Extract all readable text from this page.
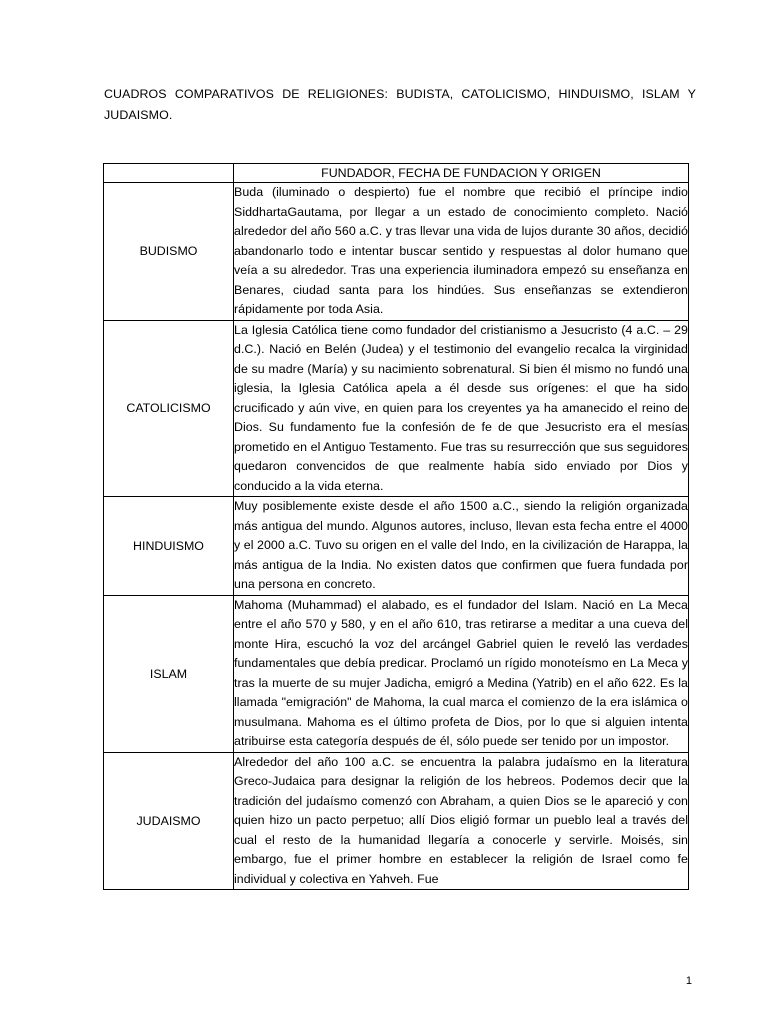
CUADROS COMPARATIVOS DE RELIGIONES: BUDISTA, CATOLICISMO, HINDUISMO, ISLAM Y JUDAISMO.
	FUNDADOR, FECHA DE FUNDACION Y ORIGEN
BUDISMO	Buda (iluminado o despierto) fue el nombre que recibió el príncipe indio SiddhartaGautama, por llegar a un estado de conocimiento completo. Nació alrededor del año 560 a.C. y tras llevar una vida de lujos durante 30 años, decidió abandonarlo todo e intentar buscar sentido y respuestas al dolor humano que veía a su alrededor. Tras una experiencia iluminadora empezó su enseñanza en Benares, ciudad santa para los hindúes. Sus enseñanzas se extendieron rápidamente por toda Asia.
CATOLICISMO	La Iglesia Católica tiene como fundador del cristianismo a Jesucristo (4 a.C. – 29 d.C.). Nació en Belén (Judea) y el testimonio del evangelio recalca la virginidad de su madre (María) y su nacimiento sobrenatural. Si bien él mismo no fundó una iglesia, la Iglesia Católica apela a él desde sus orígenes: el que ha sido crucificado y aún vive, en quien para los creyentes ya ha amanecido el reino de Dios. Su fundamento fue la confesión de fe de que Jesucristo era el mesías prometido en el Antiguo Testamento. Fue tras su resurrección que sus seguidores quedaron convencidos de que realmente había sido enviado por Dios y conducido a la vida eterna.
HINDUISMO	Muy posiblemente existe desde el año 1500 a.C., siendo la religión organizada más antigua del mundo. Algunos autores, incluso, llevan esta fecha entre el 4000 y el 2000 a.C. Tuvo su origen en el valle del Indo, en la civilización de Harappa, la más antigua de la India. No existen datos que confirmen que fuera fundada por una persona en concreto.
ISLAM	Mahoma (Muhammad) el alabado, es el fundador del Islam. Nació en La Meca entre el año 570 y 580, y en el año 610, tras retirarse a meditar a una cueva del monte Hira, escuchó la voz del arcángel Gabriel quien le reveló las verdades fundamentales que debía predicar. Proclamó un rígido monoteísmo en La Meca y tras la muerte de su mujer Jadicha, emigró a Medina (Yatrib) en el año 622. Es la llamada "emigración" de Mahoma, la cual marca el comienzo de la era islámica o musulmana. Mahoma es el último profeta de Dios, por lo que si alguien intenta atribuirse esta categoría después de él, sólo puede ser tenido por un impostor.
JUDAISMO	Alrededor del año 100 a.C. se encuentra la palabra judaísmo en la literatura Greco-Judaica para designar la religión de los hebreos. Podemos decir que la tradición del judaísmo comenzó con Abraham, a quien Dios se le apareció y con quien hizo un pacto perpetuo; allí Dios eligió formar un pueblo leal a través del cual el resto de la humanidad llegaría a conocerle y servirle. Moisés, sin embargo, fue el primer hombre en establecer la religión de Israel como fe individual y colectiva en Yahveh. Fue
1
